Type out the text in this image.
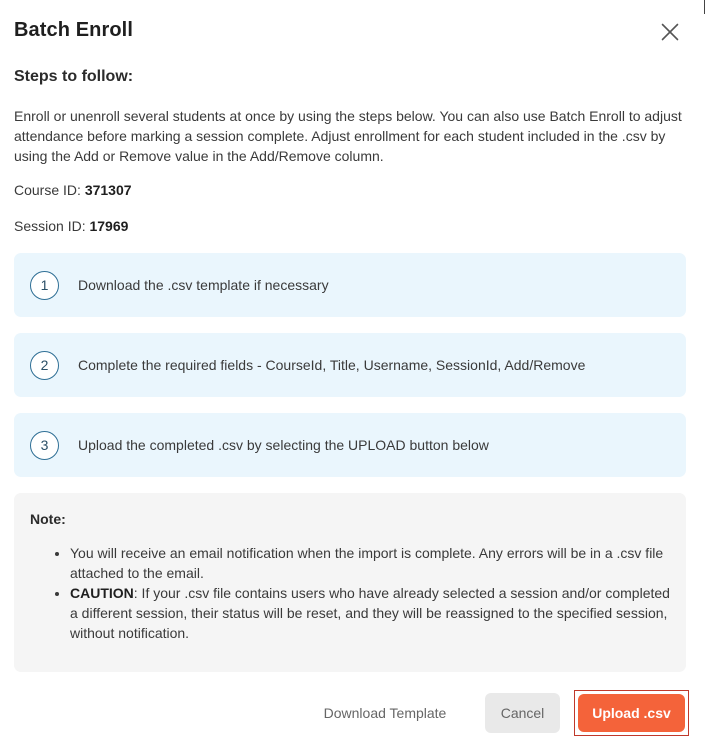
Batch Enroll
Steps to follow:

Enroll or unenroll several students at once by using the steps below. You can also use Batch Enroll to adjust attendance before marking a session complete. Adjust enrollment for each student included in the .csv by using the Add or Remove value in the Add/Remove column.

Course ID: 371307

Session ID: 17969

1	Download the .csv template if necessary
2	Complete the required fields - CourseId, Title, Username, SessionId, Add/Remove
3	Upload the completed .csv by selecting the UPLOAD button below

Note:

• You will receive an email notification when the import is complete. Any errors will be in a .csv file attached to the email.
• CAUTION: If your .csv file contains users who have already selected a session and/or completed a different session, their status will be reset, and they will be reassigned to the specified session, without notification.
Download Template	Cancel	Upload .csv
